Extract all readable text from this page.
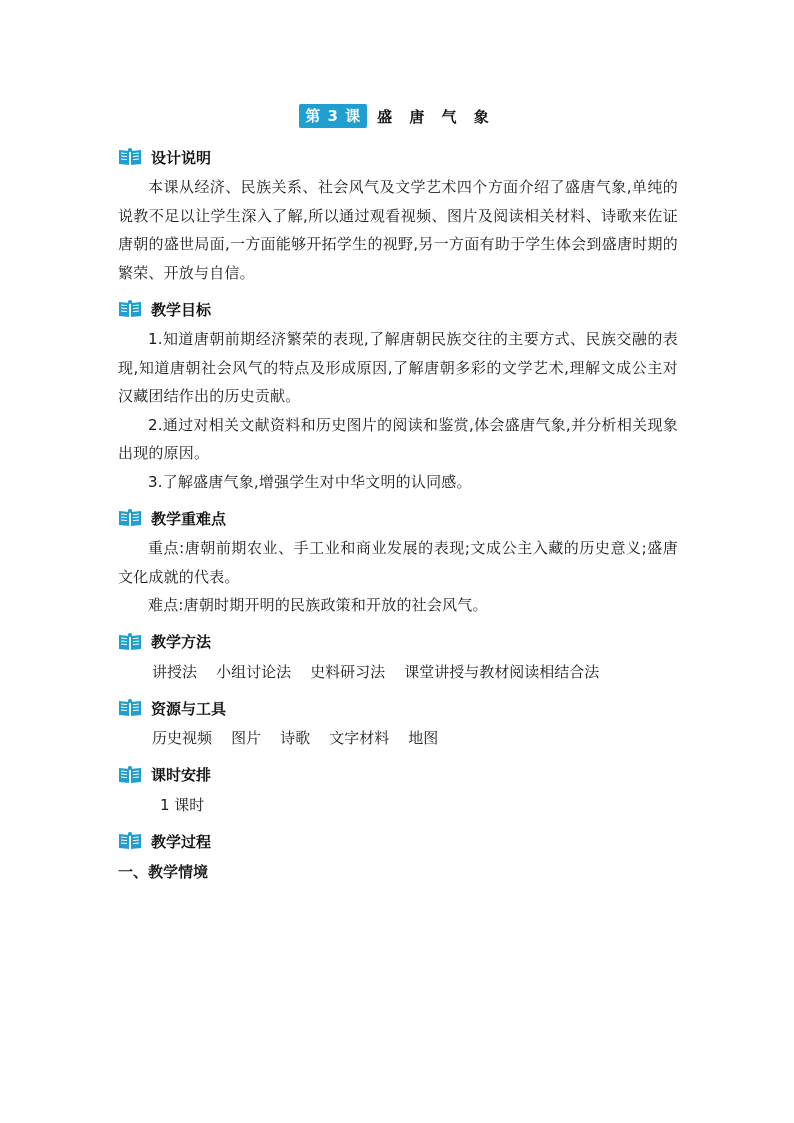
第 3 课	盛 唐 气 象
设计说明

本课从经济、民族关系、社会风气及文学艺术四个方面介绍了盛唐气象,单纯的说教不足以让学生深入了解,所以通过观看视频、图片及阅读相关材料、诗歌来佐证唐朝的盛世局面,一方面能够开拓学生的视野,另一方面有助于学生体会到盛唐时期的繁荣、开放与自信。

教学目标

1.知道唐朝前期经济繁荣的表现,了解唐朝民族交往的主要方式、民族交融的表现,知道唐朝社会风气的特点及形成原因,了解唐朝多彩的文学艺术,理解文成公主对汉藏团结作出的历史贡献。

2.通过对相关文献资料和历史图片的阅读和鉴赏,体会盛唐气象,并分析相关现象出现的原因。

3.了解盛唐气象,增强学生对中华文明的认同感。

教学重难点

重点:唐朝前期农业、手工业和商业发展的表现;文成公主入藏的历史意义;盛唐文化成就的代表。

难点:唐朝时期开明的民族政策和开放的社会风气。

教学方法

讲授法    小组讨论法    史料研习法    课堂讲授与教材阅读相结合法

资源与工具

历史视频    图片    诗歌    文字材料    地图

课时安排

1 课时

教学过程

一、教学情境
